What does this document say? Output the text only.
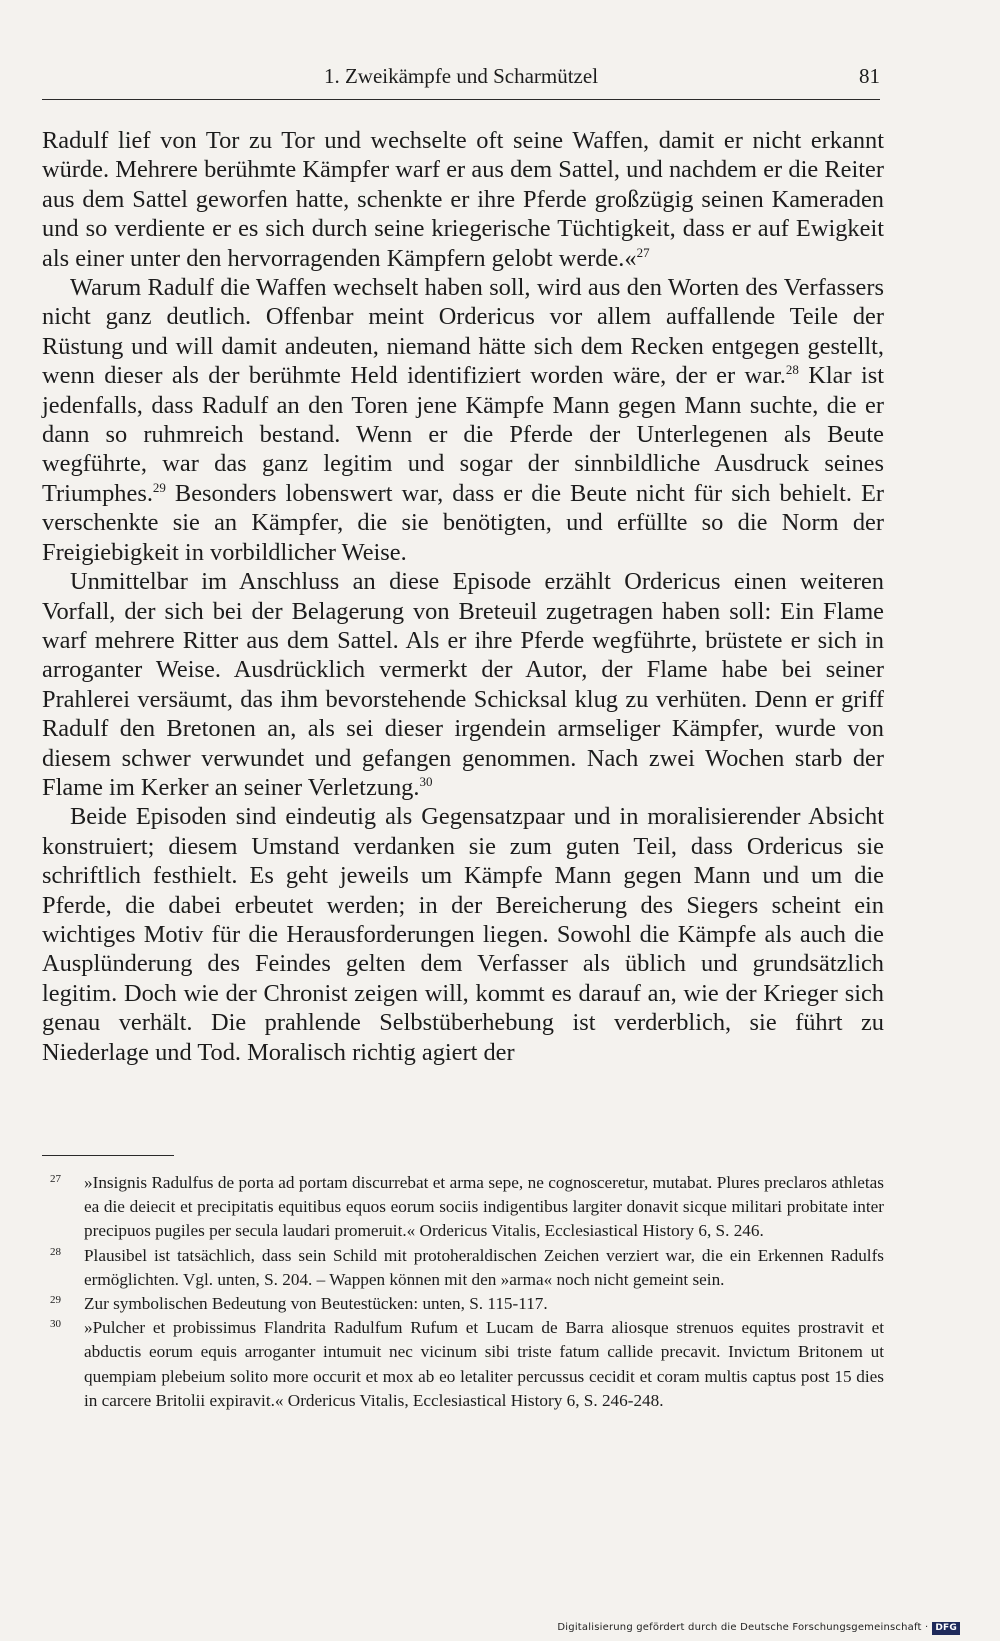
1. Zweikämpfe und Scharmützel	81

Radulf lief von Tor zu Tor und wechselte oft seine Waffen, damit er nicht erkannt würde. Mehrere berühmte Kämpfer warf er aus dem Sattel, und nachdem er die Reiter aus dem Sattel geworfen hatte, schenkte er ihre Pferde großzügig seinen Kameraden und so verdiente er es sich durch seine kriegerische Tüchtigkeit, dass er auf Ewigkeit als einer unter den hervorragenden Kämpfern gelobt werde.«$^{27}$

Warum Radulf die Waffen wechselt haben soll, wird aus den Worten des Verfassers nicht ganz deutlich. Offenbar meint Ordericus vor allem auffallende Teile der Rüstung und will damit andeuten, niemand hätte sich dem Recken entgegen gestellt, wenn dieser als der berühmte Held identifiziert worden wäre, der er war.$^{28}$ Klar ist jedenfalls, dass Radulf an den Toren jene Kämpfe Mann gegen Mann suchte, die er dann so ruhmreich bestand. Wenn er die Pferde der Unterlegenen als Beute wegführte, war das ganz legitim und sogar der sinnbildliche Ausdruck seines Triumphes.$^{29}$ Besonders lobenswert war, dass er die Beute nicht für sich behielt. Er verschenkte sie an Kämpfer, die sie benötigten, und erfüllte so die Norm der Freigiebigkeit in vorbildlicher Weise.

Unmittelbar im Anschluss an diese Episode erzählt Ordericus einen weiteren Vorfall, der sich bei der Belagerung von Breteuil zugetragen haben soll: Ein Flame warf mehrere Ritter aus dem Sattel. Als er ihre Pferde wegführte, brüstete er sich in arroganter Weise. Ausdrücklich vermerkt der Autor, der Flame habe bei seiner Prahlerei versäumt, das ihm bevorstehende Schicksal klug zu verhüten. Denn er griff Radulf den Bretonen an, als sei dieser irgendein armseliger Kämpfer, wurde von diesem schwer verwundet und gefangen genommen. Nach zwei Wochen starb der Flame im Kerker an seiner Verletzung.$^{30}$

Beide Episoden sind eindeutig als Gegensatzpaar und in moralisierender Absicht konstruiert; diesem Umstand verdanken sie zum guten Teil, dass Ordericus sie schriftlich festhielt. Es geht jeweils um Kämpfe Mann gegen Mann und um die Pferde, die dabei erbeutet werden; in der Bereicherung des Siegers scheint ein wichtiges Motiv für die Herausforderungen liegen. Sowohl die Kämpfe als auch die Ausplünderung des Feindes gelten dem Verfasser als üblich und grundsätzlich legitim. Doch wie der Chronist zeigen will, kommt es darauf an, wie der Krieger sich genau verhält. Die prahlende Selbstüberhebung ist verderblich, sie führt zu Niederlage und Tod. Moralisch richtig agiert der

27 »Insignis Radulfus de porta ad portam discurrebat et arma sepe, ne cognosceretur, mutabat. Plures preclaros athletas ea die deiecit et precipitatis equitibus equos eorum sociis indigentibus largiter donavit sicque militari probitate inter precipuos pugiles per secula laudari promeruit.« Ordericus Vitalis, Ecclesiastical History 6, S. 246.
28 Plausibel ist tatsächlich, dass sein Schild mit protoheraldischen Zeichen verziert war, die ein Erkennen Radulfs ermöglichten. Vgl. unten, S. 204. – Wappen können mit den »arma« noch nicht gemeint sein.
29 Zur symbolischen Bedeutung von Beutestücken: unten, S. 115-117.
30 »Pulcher et probissimus Flandrita Radulfum Rufum et Lucam de Barra aliosque strenuos equites prostravit et abductis eorum equis arroganter intumuit nec vicinum sibi triste fatum callide precavit. Invictum Britonem ut quempiam plebeium solito more occurit et mox ab eo letaliter percussus cecidit et coram multis captus post 15 dies in carcere Britolii expiravit.« Ordericus Vitalis, Ecclesiastical History 6, S. 246-248.
Digitalisierung gefördert durch die Deutsche Forschungsgemeinschaft · DFG
